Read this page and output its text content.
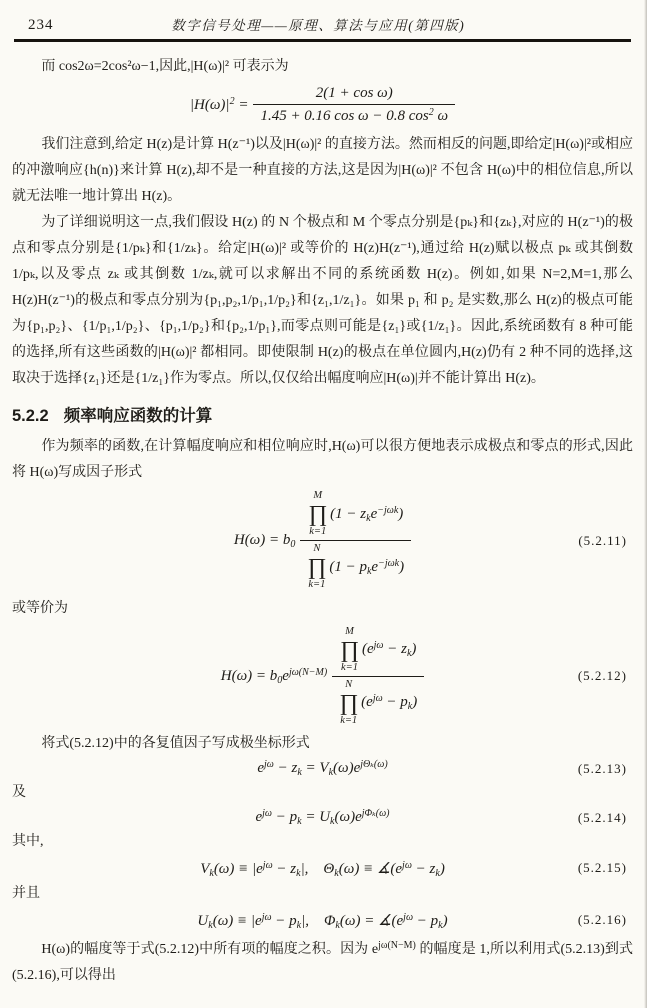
234	数字信号处理——原理、算法与应用(第四版)

而 cos2ω=2cos²ω−1,因此,|H(ω)|² 可表示为

$|H(\omega)|^2 = \frac{\text{2(1 + cos ω)}}{1.45 + 0.16 \cos \omega - 0.8 \cos^2 \omega}$

我们注意到,给定 H(z)是计算 H(z⁻¹)以及|H(ω)|² 的直接方法。然而相反的问题,即给定|H(ω)|²或相应的冲激响应{h(n)}来计算 H(z),却不是一种直接的方法,这是因为|H(ω)|² 不包含 H(ω)中的相位信息,所以就无法唯一地计算出 H(z)。

为了详细说明这一点,我们假设 H(z) 的 N 个极点和 M 个零点分别是{pₖ}和{zₖ},对应的 H(z⁻¹)的极点和零点分别是{1/pₖ}和{1/zₖ}。给定|H(ω)|² 或等价的 H(z)H(z⁻¹),通过给 H(z)赋以极点 pₖ 或其倒数 1/pₖ,以及零点 zₖ 或其倒数 1/zₖ,就可以求解出不同的系统函数 H(z)。例如,如果 N=2,M=1,那么 H(z)H(z⁻¹)的极点和零点分别为{p₁,p₂,1/p₁,1/p₂}和{z₁,1/z₁}。如果 p₁ 和 p₂ 是实数,那么 H(z)的极点可能为{p₁,p₂}、{1/p₁,1/p₂}、{p₁,1/p₂}和{p₂,1/p₁},而零点则可能是{z₁}或{1/z₁}。因此,系统函数有 8 种可能的选择,所有这些函数的|H(ω)|² 都相同。即使限制 H(z)的极点在单位圆内,H(z)仍有 2 种不同的选择,这取决于选择{z₁}还是{1/z₁}作为零点。所以,仅仅给出幅度响应|H(ω)|并不能计算出 H(z)。

5.2.2 频率响应函数的计算

作为频率的函数,在计算幅度响应和相位响应时,H(ω)可以很方便地表示成极点和零点的形式,因此将 H(ω)写成因子形式

$H(\omega) = b_0$ M
∏
k=1
$(1 - z_ke^{-j\omega k})$
N
∏
k=1
$(1 - p_ke^{-j\omega k})$	(5.2.11)

或等价为

$H(\omega) = b_0e^{j\omega(N-M)}$ M
∏
k=1
$(e^{j\omega} - z_k)$
N
∏
k=1
$(e^{j\omega} - p_k)$	(5.2.12)

将式(5.2.12)中的各复值因子写成极坐标形式

$e^{j\omega} - z_k = V_k(\omega)e^{j\Theta_k(\omega)}$	(5.2.13)

及

$e^{j\omega} - p_k = U_k(\omega)e^{j\Phi_k(\omega)}$	(5.2.14)

其中,

$V_k(\omega) \equiv |e^{j\omega} - z_k|$,　$\Theta_k(\omega)$ ≡ $∡(e^{j\omega} - z_k)$	(5.2.15)

并且

$U_k(\omega) \equiv |e^{j\omega} - p_k|$,　$\Phi_k(\omega)$ = $∡(e^{j\omega} - p_k)$	(5.2.16)

H(ω)的幅度等于式(5.2.12)中所有项的幅度之积。因为 $e^{j\omega(N-M)}$ 的幅度是 1,所以利用式(5.2.13)到式(5.2.16),可以得出
